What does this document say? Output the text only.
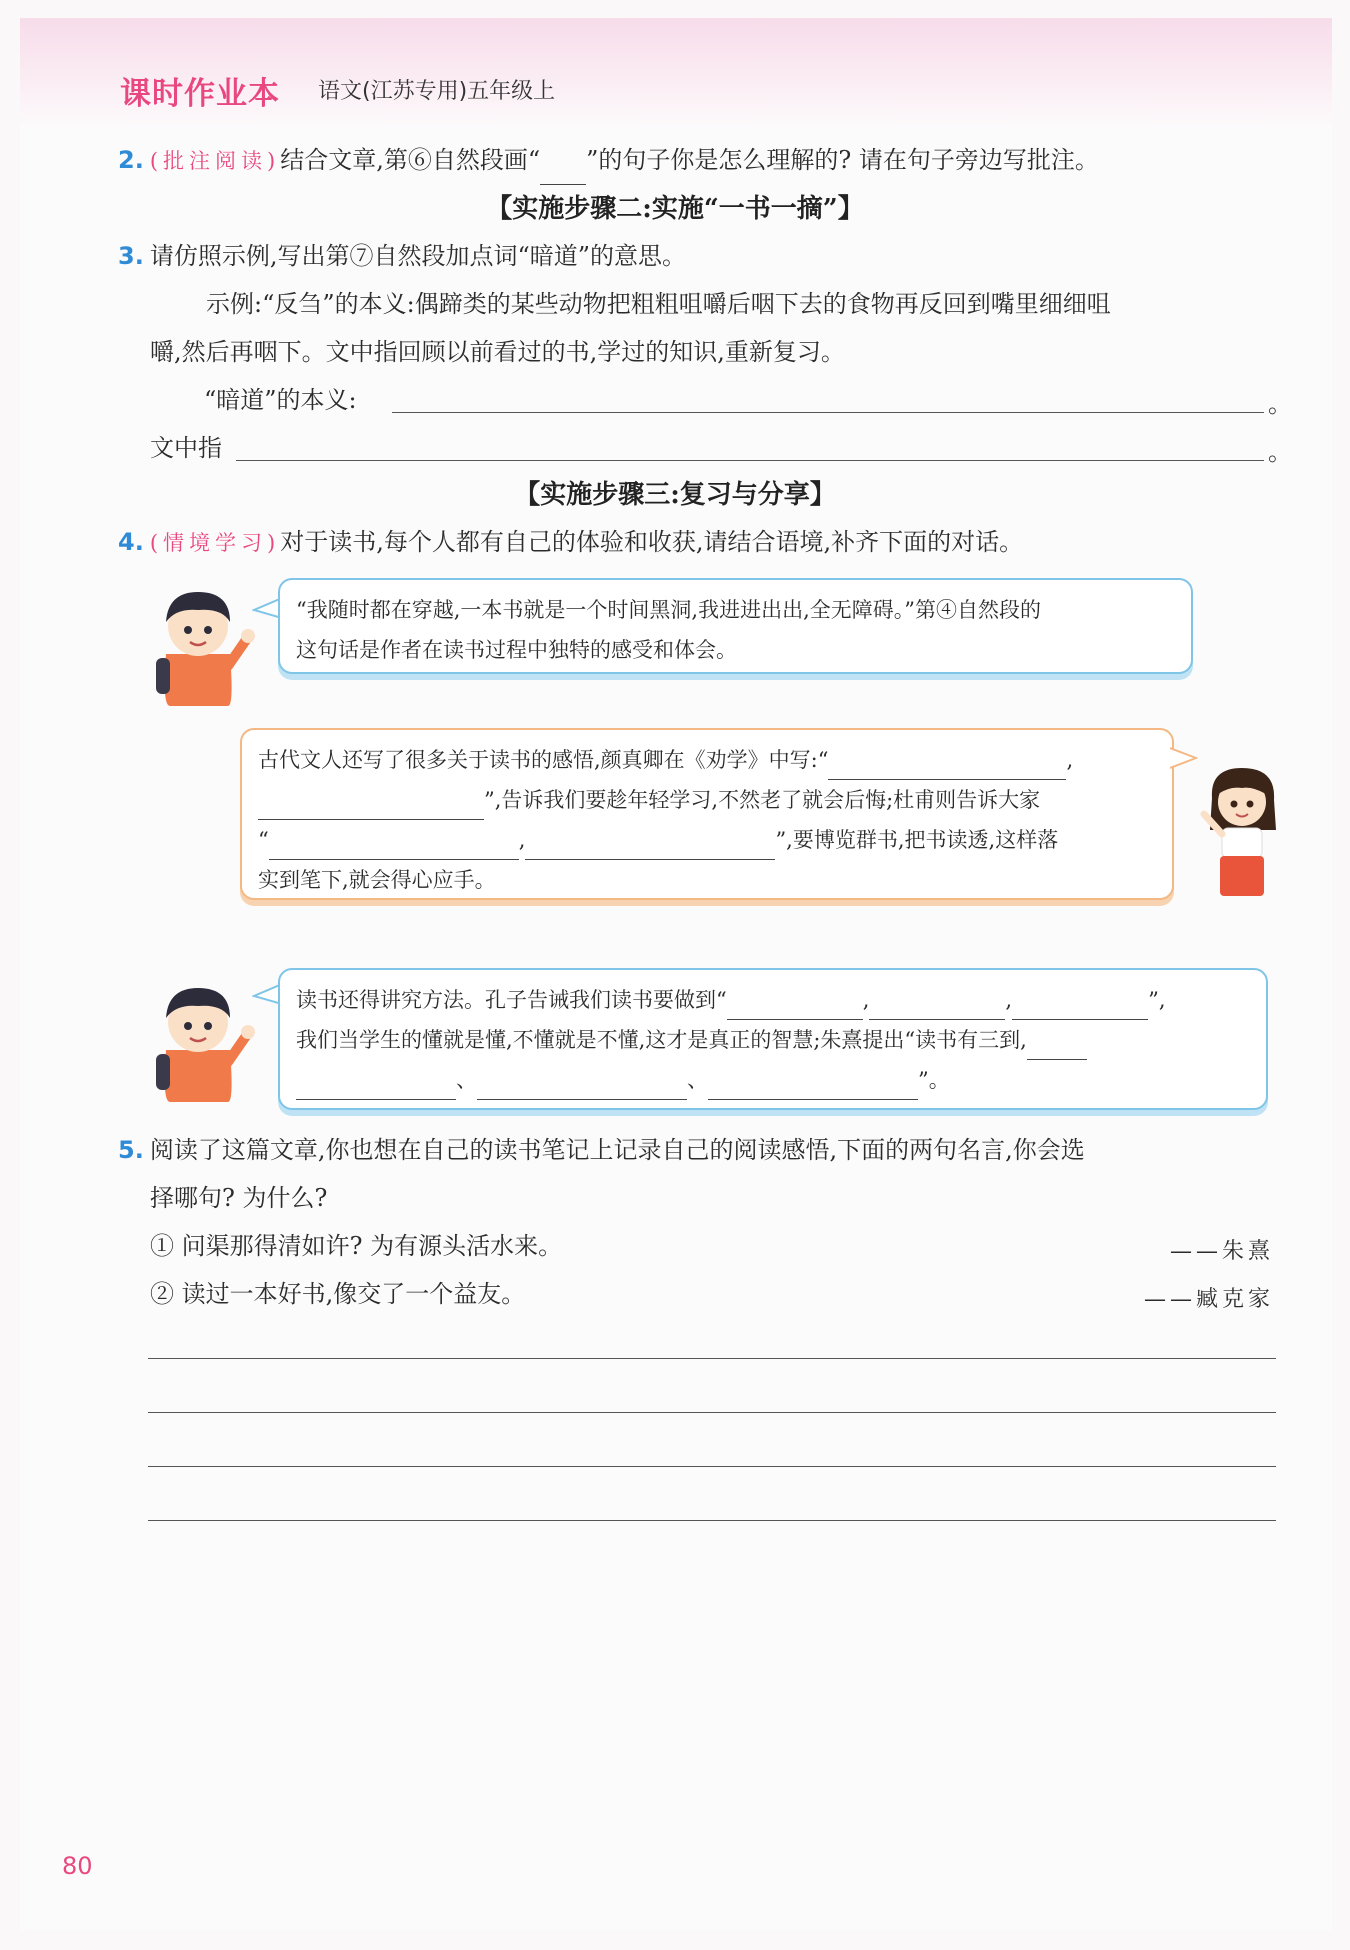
课时作业本 语文(江苏专用)五年级上
2. (批注阅读)结合文章,第⑥自然段画“ ”的句子你是怎么理解的? 请在句子旁边写批注。
【实施步骤二:实施“一书一摘”】
3. 请仿照示例,写出第⑦自然段加点词“暗道”的意思。
示例:“反刍”的本义:偶蹄类的某些动物把粗粗咀嚼后咽下去的食物再反回到嘴里细细咀
嚼,然后再咽下。文中指回顾以前看过的书,学过的知识,重新复习。
“暗道”的本义:	。
文中指	。
【实施步骤三:复习与分享】
4. (情境学习)对于读书,每个人都有自己的体验和收获,请结合语境,补齐下面的对话。
“我随时都在穿越,一本书就是一个时间黑洞,我进进出出,全无障碍。”第④自然段的
这句话是作者在读书过程中独特的感受和体会。
古代文人还写了很多关于读书的感悟,颜真卿在《劝学》中写:“	,
”,告诉我们要趁年轻学习,不然老了就会后悔;杜甫则告诉大家
“	,	”,要博览群书,把书读透,这样落
实到笔下,就会得心应手。
读书还得讲究方法。孔子告诫我们读书要做到“	,	,	”,
我们当学生的懂就是懂,不懂就是不懂,这才是真正的智慧;朱熹提出“读书有三到,
、	、	”。
5. 阅读了这篇文章,你也想在自己的读书笔记上记录自己的阅读感悟,下面的两句名言,你会选
择哪句? 为什么?
① 问渠那得清如许? 为有源头活水来。	——朱熹
② 读过一本好书,像交了一个益友。	——臧克家
80
